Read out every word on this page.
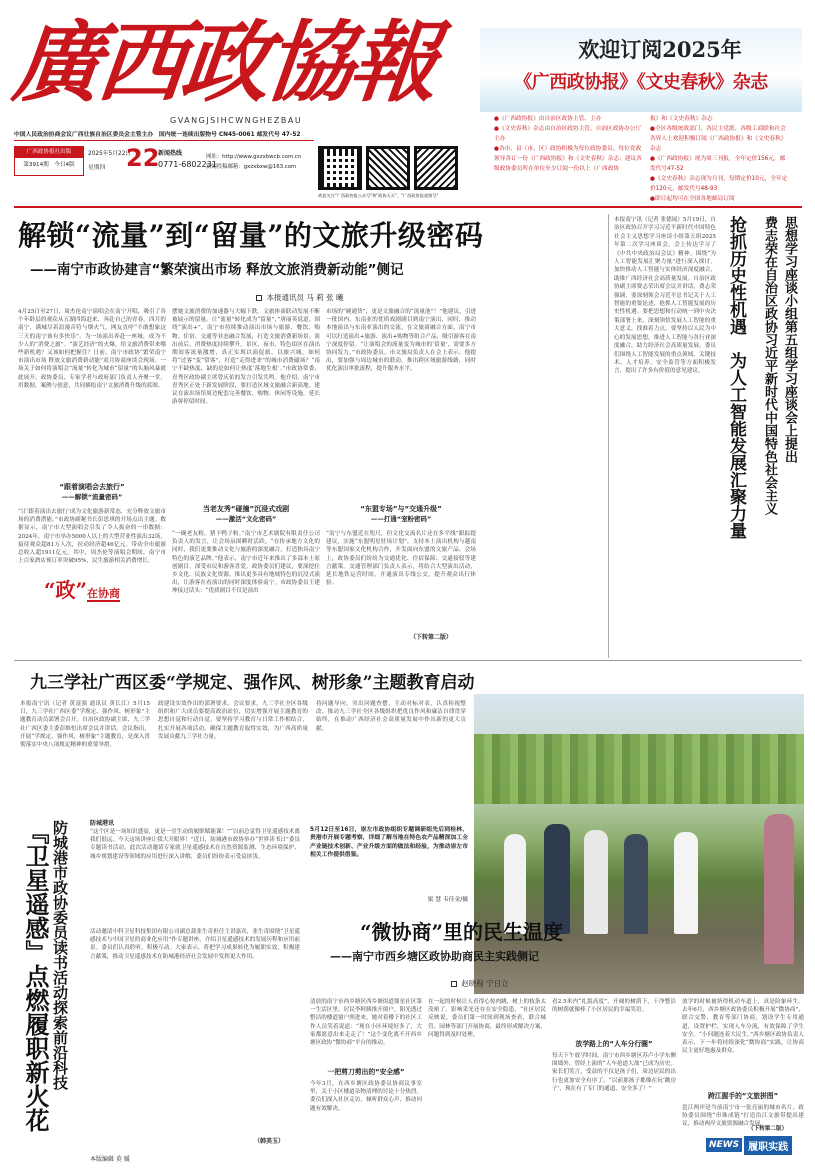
廣西政協報
GVANGJSIHCWNGHEZBAU
中国人民政治协商会议广西壮族自治区委员会主管主办　国内统一连续出版物号 CN45-0061 邮发代号 47-52
广西政协报社出版
第3914期　今日4版
2025年5月22日
星期四 22
新闻热线
0771-6802231
网址：http://www.gxzxbwcb.com.cn
新闻投稿邮箱：gxzxbxw@163.com
欢迎关注"广西政协报公众号"和"政协天天"、"广西政协报视频号"
欢迎订阅2025年
《广西政协报》《文史春秋》杂志
●《广西政协报》由自治区政协主管、主办
●《文史春秋》杂志由自治区政协主管、自治区政协办公厅主办
●各市、县（市、区）政协积极为每位政协委员、每位党政领导各订一份《广西政协报》和《文史春秋》杂志；建议各级政协委员所在单位至少订阅一份以上《广西政协
报》和《文史春秋》杂志
●全区各级统战部门、各民主党派、各级工商联和社会各界人士欢迎积极订阅《广西政协报》和《文史春秋》杂志
●《广西政协报》现为周三刊报，全年定价156元，邮发代号47-52
●《文史春秋》杂志现为月刊，每期定价10元，全年定价120元，邮发代号48-93
●即日起均可在全国各地邮局订阅
解锁“流量”到“留量”的文旅升级密码
——南宁市政协建言“繁荣演出市场 释放文旅消费新动能”侧记
本报通讯员 马 莉 张 曦
4月25日至27日，周杰伦南宁演唱会在南宁开唱，吸引了各个年龄层的观众从五湖四海赶来，奔赴自己的青春。四月的南宁，满城尽着浪漫音符与烟火气。网友直呼“不敢想象这三天的南宁该有多快乐”。为一场演出奔赴一座城，成为不少人的“消费之旅”。“演艺经济”的火爆，给文旅消费带来哪些新机遇？又该如何把握住？日前，南宁市政协“繁荣南宁市演出市场 释放文旅消费新动能”双月协商座谈会现场。一场关于如何将演唱会“流量”转化为城市“留量”的头脑风暴就此展开。政协委员、专家学者与政府部门负责人齐聚一堂，用数据、案例与创意，共同描绘南宁文旅消费升级的蓝图。
“跟着演唱会去旅行”
——解锁“流量密码”
“让‘跟着演出去旅行’成为文化旅游新常态，充分释放文旅市场的消费潜能。”市政协副秘书长彭思琪的开场点出主题。数据显示，南宁市大型演唱会引发了令人振奋的一串数据：2024年，南宁市举办5000人以上的大型营业性演出32场，接待观众超81万人次，拉动经济超46亿元。带动全市旅游总收入超1911亿元。其中，周杰伦等演唱会期间，南宁市上百家酒店预订率突破95%，民生旅游相关消费增长。
“政”在协商
摆她文旅消费的加速器与大幅下跌。文旅体商联动发展不断被展示的留量。让“流量”转化成为“留量”，”唐丽英说道。围绕“演出+”，南宁市持续推动演出市场与旅游、餐饮、购物、住宿、交通等业态融合发展，打造文旅消费新场景。演出前后，消费热度持续攀升。景区、夜市、特色街区在演出期间客流量激增，真正实现以演促旅、以旅兴城。如何将“过客”变“常客”，打造“走得进来”的城市消费磁场？“南宁不缺热度，缺的是如何让热度‘落地生根’。”市政协常委、青秀区政协副主席曾庆佑的发言引发共鸣。他介绍，南宁市青秀区正处于新发展阶段，要打造区域文旅融合新高地。建议在演出场馆周边配套完善餐饮、购物、休闲等设施，延长游客停留时间。
当老友秀“碰撞”沉浸式戏剧
——激活“文化密码”
“一碗老友粉，猪下鸭子粉。”南宁市艺术剧院有限责任公司负责人的发言，让会场氛围瞬时活跃。“在传承地方文化的同时，我们更要推动文化与旅游的深度融合，打造独具南宁特色的演艺品牌。”他表示，南宁市近年来推出了多部本土原创剧目，深受市民和游客喜爱。政协委员们建议，要深挖壮乡文化、民族文化资源，推出更多具有地域特色的沉浸式演出，让游客在看演出的同时深度体验南宁。市政协委员王建坤接过话头：“优质剧目不仅是演出
市场的“硬通货”，更是文旅融合的“流量池”！”他建议，引进一批国内、东南亚的优质戏剧剧目到南宁演出，同时，推动本地演出与东南亚演出的交流。在文旅商融合方面，南宁市可以打造演出+旅游、演出+购物等组合产品，吸引游客在南宁深度停留。“让演唱会的流量变为城市的‘留量’，需要多方协同发力。”市政协委员、市文旅局负责人在会上表示。他提出，要加强与周边城市的联动，推出跨区域旅游线路，同时优化演出审批流程，提升服务水平。
“东盟专场”与“交通升级”
——打通“宠粉密码”
“南宁与东盟近在咫尺，但文化交流名片还在多平线”跟踪提建议，实施“东盟明星驻场计划”，支持本土演出机构与越南等东盟国家文化机构合作，开发面向东盟的文旅产品。会场上，政协委员们纷纷为交通优化、住宿保障、交通接驳等建言献策。交通管理部门负责人表示，将结合大型演出活动，延长地铁运营时间，开通演出专线公交，提升观众出行体验。
（下转第二版）
本报南宁讯（记者 张德展）5月19日，自治区政协召开学习习近平新时代中国特色社会主义思想学习座谈小组第五组2025年第二次学习座谈会。会上传达学习了《中共中央政治局会议》精神。围绕“为人工智能发展汇聚力量”进行深入探讨。加快推动人工智能与实体经济深度融合，助推广西经济社会高质量发展。自治区政协副主席费志荣出席会议并讲话。费志荣强调，要深刻领会习近平总书记关于人工智能的重要论述，抢抓人工智能发展的历史性机遇。要把思想和行动统一到中央决策部署上来，深刻领悟发展人工智能的重大意义，找准着力点。要坚持以人民为中心的发展思想，推进人工智能与各行业深度融合，助力经济社会高质量发展。委员们围绕人工智能发展的重点领域、关键技术、人才培养、安全监管等方面积极发言，提出了许多有价值的意见建议。	思想学习座谈小组第五组学习座谈会上提出
费志荣在自治区政协习近平新时代中国特色社会主义
抢抓历史性机遇　为人工智能发展汇聚力量
九三学社广西区委“学规定、强作风、树形象”主题教育启动
本报南宁讯（记者 黄富强 通讯员 黄长江）5月15日，九三学社广西区委“学规定、强作风、树形象”主题教育动员部署会召开。自治区政协副主席、九三学社广西区委主委彭维恒出席会议并讲话。会议指出，开展“学规定、强作风、树形象”主题教育，是深入贯彻落实中央八项规定精神的重要举措。
政建设实效作出的部署要求。会议要求，九三学社全区各级组织和广大成员要提高政治站位，切实增强开展主题教育的思想自觉和行动自觉。要坚持学习教育与日常工作相结合，扎实开展各项活动，确保主题教育取得实效，为广西高质量发展贡献九三学社力量。
持问题导向，突出问题查摆，主动对标对表，认真检视整改。推动九三学社全区各级组织把优良作风和廉洁自律贯穿始终，在推动广西经济社会高质量发展中作出新的更大贡献。
5月12日至16日，崇左市政协组织专题调研组先后到桂林、贵港市开展专题考察，详细了解当地在特色农产品精深加工全产业链技术创新、产业升级方面的做法和经验，为推动崇左市相关工作提供借鉴。
梁 慧 韦佳金/摄
『卫星遥感』点燃履职新火花 防城港市政协委员读书活动探索前沿科技	防城港讯
“这个区是一场知识盛宴，更是一堂生动的履职赋能课！”“以前总觉得卫星遥感技术离我们很远，今天这场讲座让我大开眼界！”近日，防城港市政协举办“世界读书日”委员专题读书活动。此次活动邀请专家就卫星遥感技术在自然资源监测、生态环境保护、城乡规划建设等领域的应用进行深入讲解，委员们纷纷表示受益匪浅。
活动邀请中科卫星科技集团有限公司副总裁张生奇担任主讲嘉宾，张生奇围绕“卫星遥感技术与中国卫星的商业化应用”作专题讲座，介绍卫星遥感技术的发展历程和应用前景。委员们认真聆听，积极互动。大家表示，将把学习成果转化为履职实效，积极建言献策，推动卫星遥感技术在防城港经济社会发展中发挥更大作用。
（韩美玉）
“微协商”里的民生温度
——南宁市西乡塘区政协助商民主实践侧记
赵晓程 宁日立
清晨的南宁市西乡塘区西乡塘街道鼎星社区第一生活区里，居民李阿姨推开窗户，阳光透过整洁的楼道窗户照进来。她对着楼下的社区工作人员笑着说道：“现在小区环境好多了，大家都愿意出来走走了！”这个变化离不开西乡塘区政协“微协商”平台的推动。
一把剪刀剪出的“安全感”
今年3月，在西乡塘区政协委员协商议事室里，关于小区楼道杂物清理的讨论十分热烈。委员们深入社区走访，倾听群众心声，推动问题有效解决。
在一起的时候让人看得心惊肉跳，树上的枝条太茂密了，影响采光还存在安全隐患。“社区居民反映说。委员们第一时间到现场查看，联合城管、园林等部门开展协商，最终形成解决方案，问题得到及时处理。
看2.5米内“礼貌高度”，开阔的树荫下，干净整洁的树荫就像棒了小区居民的幸福笑语。
放学路上的“人车分行圈”
每天下午放学时间，南宁市西乡塘区苏卢小学东侧围墙外，曾经上演的“人车抢道大战”已成为历史。家长们笑言，受益的不仅是孩子们，周边居民的出行也更加安全有序了。“以前那孩子都像在玩‘跳房子’，现在有了专门的通道，安全多了！”
放学的时候被挤得机动车道上，真是险象环生。去年6月，西乡塘区政协委员积极开展“微协商”，联合交警、教育等部门协商，划设学生专用通道，设置护栏，实现人车分流，有效保障了学生安全。“小问题连着大民生。”西乡塘区政协负责人表示，下一步将持续深化“微协商”实践，让协商民主更好地惠及群众。
跨江握手的“文旅拼图”
邕江两岸是当前南宁市一张亮丽的城市名片。政协委员围绕“串珠成链”打造沿江文旅带提出建议，推动两岸文旅资源融合发展。
（下转第二版）
NEWS 履职实践
本版编辑 莫 媛
